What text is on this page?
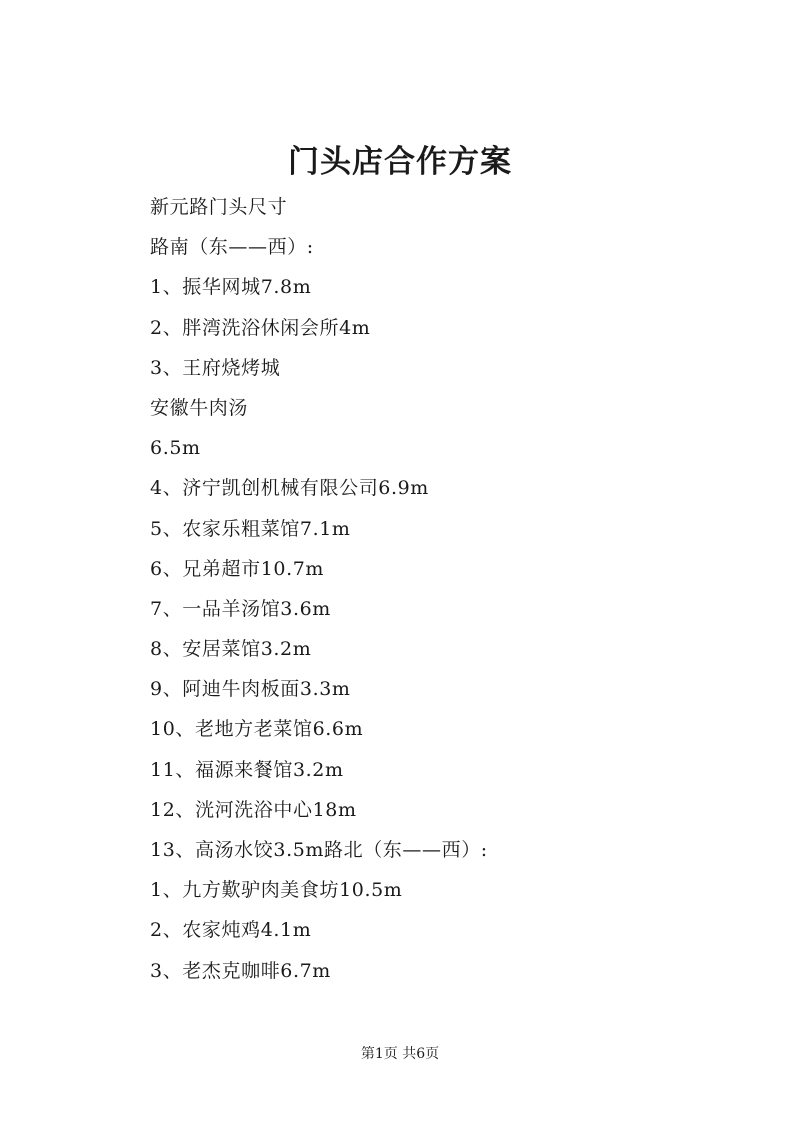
门头店合作方案
新元路门头尺寸
路南（东——西）:
1、振华网城7.8m
2、胖湾洗浴休闲会所4m
3、王府烧烤城
安徽牛肉汤
6.5m
4、济宁凯创机械有限公司6.9m
5、农家乐粗菜馆7.1m
6、兄弟超市10.7m
7、一品羊汤馆3.6m
8、安居菜馆3.2m
9、阿迪牛肉板面3.3m
10、老地方老菜馆6.6m
11、福源来餐馆3.2m
12、洸河洗浴中心18m
13、高汤水饺3.5m路北（东——西）:
1、九方歎驴肉美食坊10.5m
2、农家炖鸡4.1m
3、老杰克咖啡6.7m
第1页 共6页
